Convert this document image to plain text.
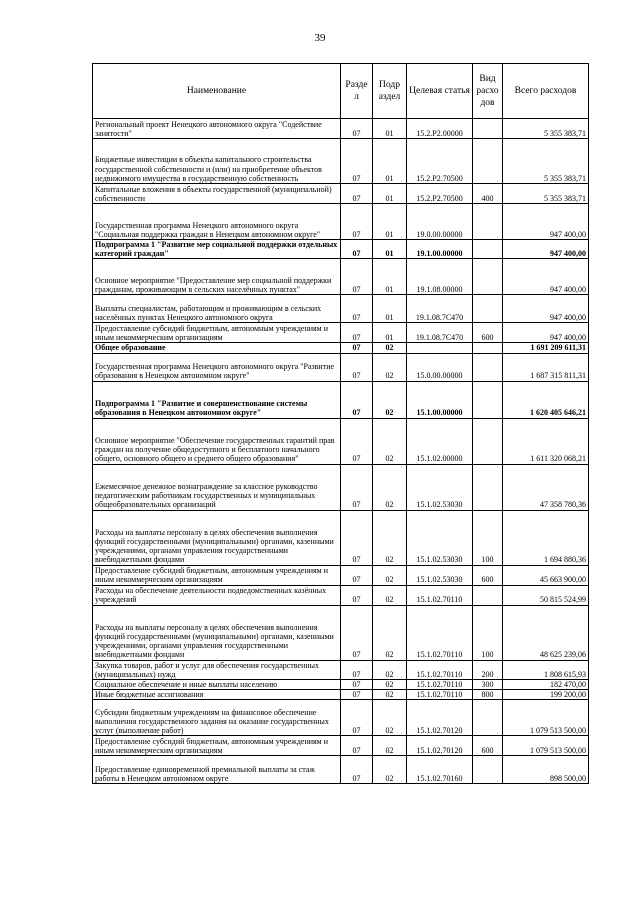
39
Наименование	Разде л	Подр аздел	Целевая статья	Вид расхо дов	Всего расходов
Региональный проект Ненецкого автономного округа "Содействие занятости"	07	01	15.2.Р2.00000		5 355 383,71
Бюджетные инвестиции в объекты капитального строительства государственной собственности и (или) на приобретение объектов недвижимого имущества в государственную собственность	07	01	15.2.Р2.70500		5 355 383,71
Капитальные вложения в объекты государственной (муниципальной) собственности	07	01	15.2.Р2.70500	400	5 355 383,71
Государственная программа Ненецкого автономного округа "Социальная поддержка граждан в Ненецком автономном округе"	07	01	19.0.00.00000		947 400,00
Подпрограмма 1 "Развитие мер социальной поддержки отдельных категорий граждан"	07	01	19.1.00.00000		947 400,00
Основное мероприятие "Предоставление мер социальной поддержки гражданам, проживающим в сельских населённых пунктах"	07	01	19.1.08.00000		947 400,00
Выплаты специалистам, работающим и проживающим в сельских населённых пунктах Ненецкого автономного округа	07	01	19.1.08.7С470		947 400,00
Предоставление субсидий бюджетным, автономным учреждениям и иным некоммерческим организациям	07	01	19.1.08.7С470	600	947 400,00
Общее образование	07	02			1 691 209 611,31
Государственная программа Ненецкого автономного округа "Развитие образования в Ненецком автономном округе"	07	02	15.0.00.00000		1 687 315 811,31
Подпрограмма 1 "Развитие и совершенствование системы образования в Ненецком автономном округе"	07	02	15.1.00.00000		1 620 405 646,21
Основное мероприятие "Обеспечение государственных гарантий прав граждан на получение общедоступного и бесплатного начального общего, основного общего и среднего общего образования"	07	02	15.1.02.00000		1 611 320 068,21
Ежемесячное денежное вознаграждение за классное руководство педагогическим работникам государственных и муниципальных общеобразовательных организаций	07	02	15.1.02.53030		47 358 780,36
Расходы на выплаты персоналу в целях обеспечения выполнения функций государственными (муниципальными) органами, казенными учреждениями, органами управления государственными внебюджетными фондами	07	02	15.1.02.53030	100	1 694 880,36
Предоставление субсидий бюджетным, автономным учреждениям и иным некоммерческим организациям	07	02	15.1.02.53030	600	45 663 900,00
Расходы на обеспечение деятельности подведомственных казённых учреждений	07	02	15.1.02.70110		50 815 524,99
Расходы на выплаты персоналу в целях обеспечения выполнения функций государственными (муниципальными) органами, казенными учреждениями, органами управления государственными внебюджетными фондами	07	02	15.1.02.70110	100	48 625 239,06
Закупка товаров, работ и услуг для обеспечения государственных (муниципальных) нужд	07	02	15.1.02.70110	200	1 808 615,93
Социальное обеспечение и иные выплаты населению	07	02	15.1.02.70110	300	182 470,00
Иные бюджетные ассигнования	07	02	15.1.02.70110	800	199 200,00
Субсидии бюджетным учреждениям на финансовое обеспечение выполнения государственного задания на оказание государственных услуг (выполнение работ)	07	02	15.1.02.70120		1 079 513 500,00
Предоставление субсидий бюджетным, автономным учреждениям и иным некоммерческим организациям	07	02	15.1.02.70120	600	1 079 513 500,00
Предоставление единовременной премиальной выплаты за стаж работы в Ненецком автономном округе	07	02	15.1.02.70160		898 500,00
